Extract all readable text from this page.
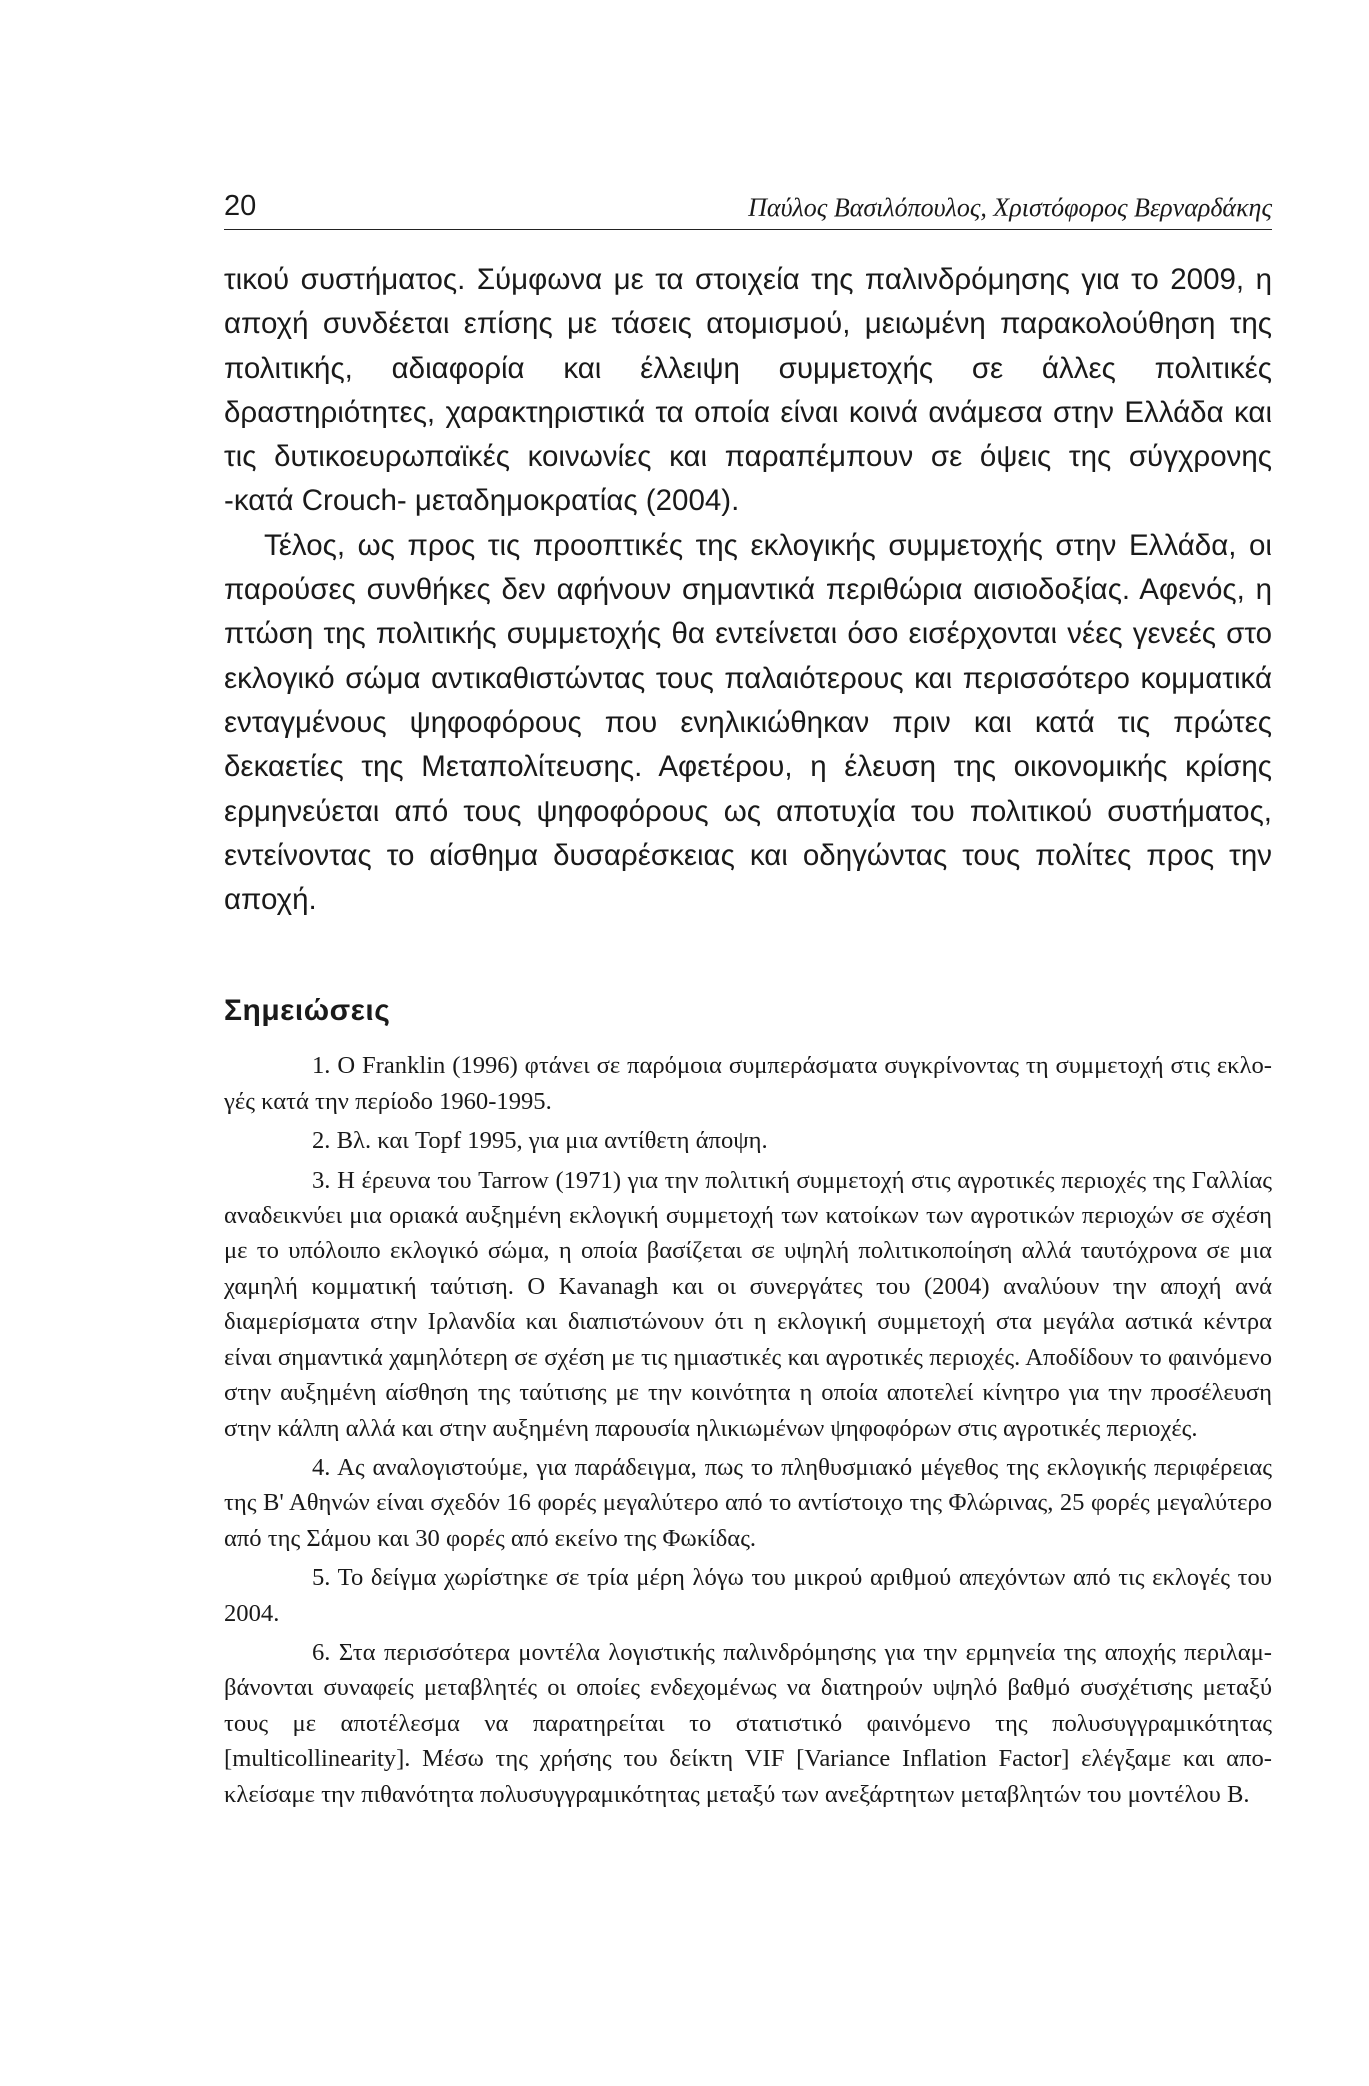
20	Παύλος Βασιλόπουλος, Χριστόφορος Βερναρδάκης

τικού συστήματος. Σύμφωνα με τα στοιχεία της παλινδρόμησης για το 2009, η αποχή συνδέεται επίσης με τάσεις ατομισμού, μειωμένη παρακολούθηση της πολιτικής, αδιαφορία και έλλειψη συμμετοχής σε άλλες πολιτικές δραστηριότητες, χαρακτηριστικά τα οποία είναι κοινά ανάμεσα στην Ελλάδα και τις δυτικοευρωπαϊκές κοινωνίες και παραπέμπουν σε όψεις της σύγχρονης -κατά Crouch- μεταδημοκρατίας (2004).

Τέλος, ως προς τις προοπτικές της εκλογικής συμμετοχής στην Ελλάδα, οι παρούσες συνθήκες δεν αφήνουν σημαντικά περιθώρια αισιοδοξίας. Αφενός, η πτώση της πολιτικής συμμετοχής θα εντείνεται όσο εισέρχονται νέες γενεές στο εκλογικό σώμα αντικαθιστώντας τους παλαιότερους και περισσότερο κομματικά ενταγμένους ψηφοφόρους που ενηλικιώθηκαν πριν και κατά τις πρώτες δεκαετίες της Μεταπολίτευσης. Αφετέρου, η έλευση της οικονομικής κρίσης ερμηνεύεται από τους ψηφοφόρους ως αποτυχία του πολιτικού συστήματος, εντείνοντας το αίσθημα δυσαρέσκειας και οδηγώντας τους πολίτες προς την αποχή.

Σημειώσεις

1. Ο Franklin (1996) φτάνει σε παρόμοια συμπεράσματα συγκρίνοντας τη συμμετοχή στις εκλογές κατά την περίοδο 1960-1995.

2. Βλ. και Topf 1995, για μια αντίθετη άποψη.

3. Η έρευνα του Tarrow (1971) για την πολιτική συμμετοχή στις αγροτικές περιοχές της Γαλλίας αναδεικνύει μια οριακά αυξημένη εκλογική συμμετοχή των κατοίκων των αγροτικών περιοχών σε σχέση με το υπόλοιπο εκλογικό σώμα, η οποία βασίζεται σε υψηλή πολιτικοποίηση αλλά ταυτόχρονα σε μια χαμηλή κομματική ταύτιση. Ο Kavanagh και οι συνεργάτες του (2004) αναλύουν την αποχή ανά διαμερίσματα στην Ιρλανδία και διαπιστώνουν ότι η εκλογική συμμετοχή στα μεγάλα αστικά κέντρα είναι σημαντικά χαμηλότερη σε σχέση με τις ημιαστικές και αγροτικές περιοχές. Αποδίδουν το φαινόμενο στην αυξημένη αίσθηση της ταύτισης με την κοινότητα η οποία αποτελεί κίνητρο για την προσέλευση στην κάλπη αλλά και στην αυξημένη παρουσία ηλικιωμένων ψηφοφόρων στις αγροτικές περιοχές.

4. Ας αναλογιστούμε, για παράδειγμα, πως το πληθυσμιακό μέγεθος της εκλογικής περιφέρειας της Β' Αθηνών είναι σχεδόν 16 φορές μεγαλύτερο από το αντίστοιχο της Φλώρινας, 25 φορές μεγαλύτερο από της Σάμου και 30 φορές από εκείνο της Φωκίδας.

5. Το δείγμα χωρίστηκε σε τρία μέρη λόγω του μικρού αριθμού απεχόντων από τις εκλογές του 2004.

6. Στα περισσότερα μοντέλα λογιστικής παλινδρόμησης για την ερμηνεία της αποχής περιλαμβάνονται συναφείς μεταβλητές οι οποίες ενδεχομένως να διατηρούν υψηλό βαθμό συσχέτισης μεταξύ τους με αποτέλεσμα να παρατηρείται το στατιστικό φαινόμενο της πολυσυγγραμικότητας [multicollinearity]. Μέσω της χρήσης του δείκτη VIF [Variance Inflation Factor] ελέγξαμε και αποκλείσαμε την πιθανότητα πολυσυγγραμικότητας μεταξύ των ανεξάρτητων μεταβλητών του μοντέλου Β.
